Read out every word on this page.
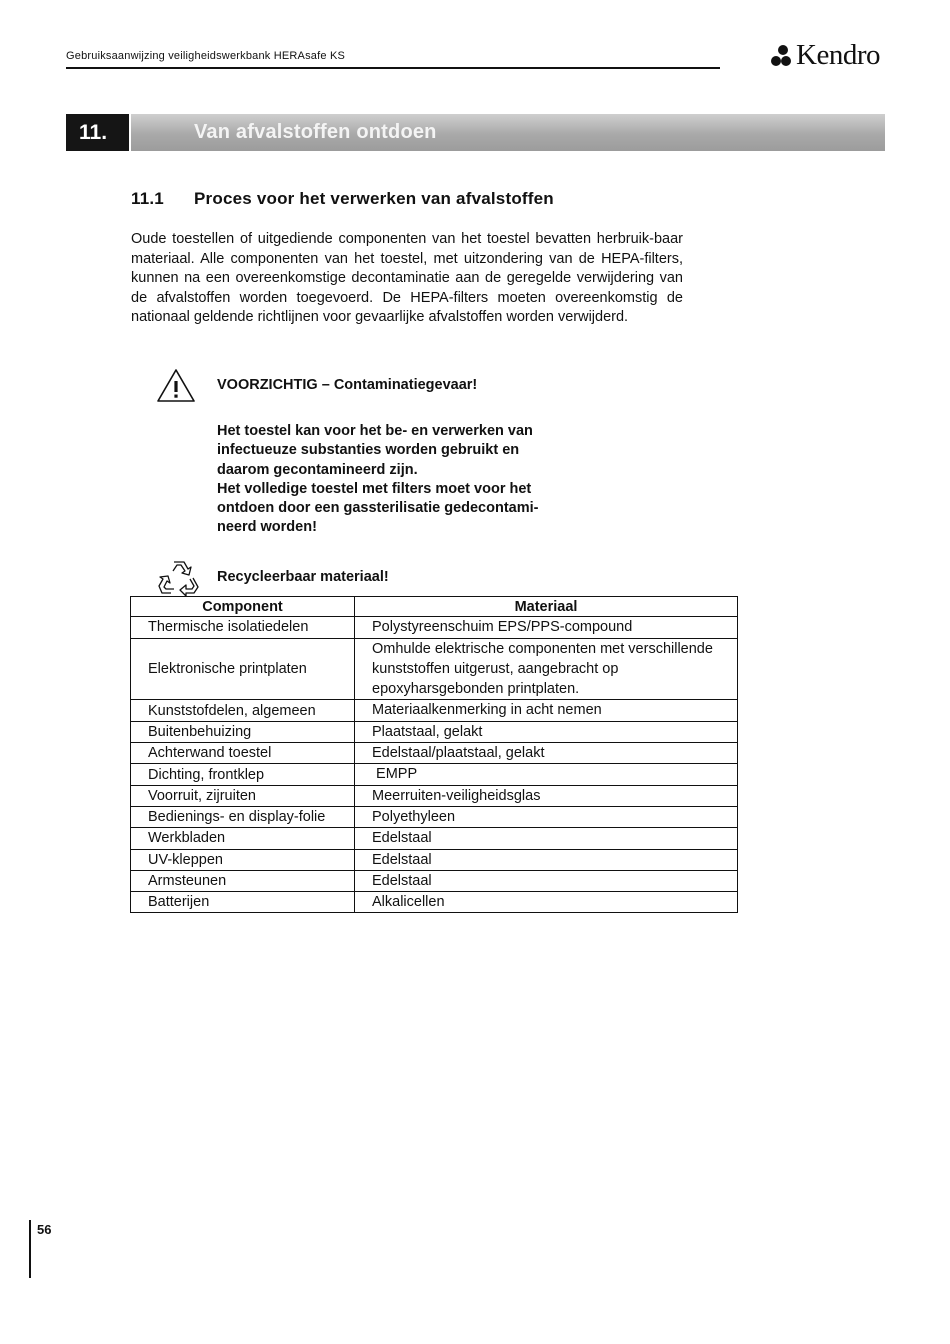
Gebruiksaanwijzing veiligheidswerkbank HERAsafe KS	Kendro
11.	Van afvalstoffen ontdoen
11.1 Proces voor het verwerken van afvalstoffen
Oude toestellen of uitgediende componenten van het toestel bevatten herbruik-baar materiaal. Alle componenten van het toestel, met uitzondering van de HEPA-filters, kunnen na een overeenkomstige decontaminatie aan de geregelde verwijdering van de afvalstoffen worden toegevoerd. De HEPA-filters moeten overeenkomstig de nationaal geldende richtlijnen voor gevaarlijke afvalstoffen worden verwijderd.
VOORZICHTIG – Contaminatiegevaar!
Het toestel kan voor het be- en verwerken van
infectueuze substanties worden gebruikt en
daarom gecontamineerd zijn.
Het volledige toestel met filters moet voor het
ontdoen door een gassterilisatie gedecontami-
neerd worden!
Recycleerbaar materiaal!
Component	Materiaal
Thermische isolatiedelen	Polystyreenschuim EPS/PPS-compound
Elektronische printplaten	Omhulde elektrische componenten met verschillende kunststoffen uitgerust, aangebracht op epoxyharsgebonden printplaten.
Kunststofdelen, algemeen	Materiaalkenmerking in acht nemen
Buitenbehuizing	Plaatstaal, gelakt
Achterwand toestel	Edelstaal/plaatstaal, gelakt
Dichting, frontklep	EMPP
Voorruit, zijruiten	Meerruiten-veiligheidsglas
Bedienings- en display-folie	Polyethyleen
Werkbladen	Edelstaal
UV-kleppen	Edelstaal
Armsteunen	Edelstaal
Batterijen	Alkalicellen
56
